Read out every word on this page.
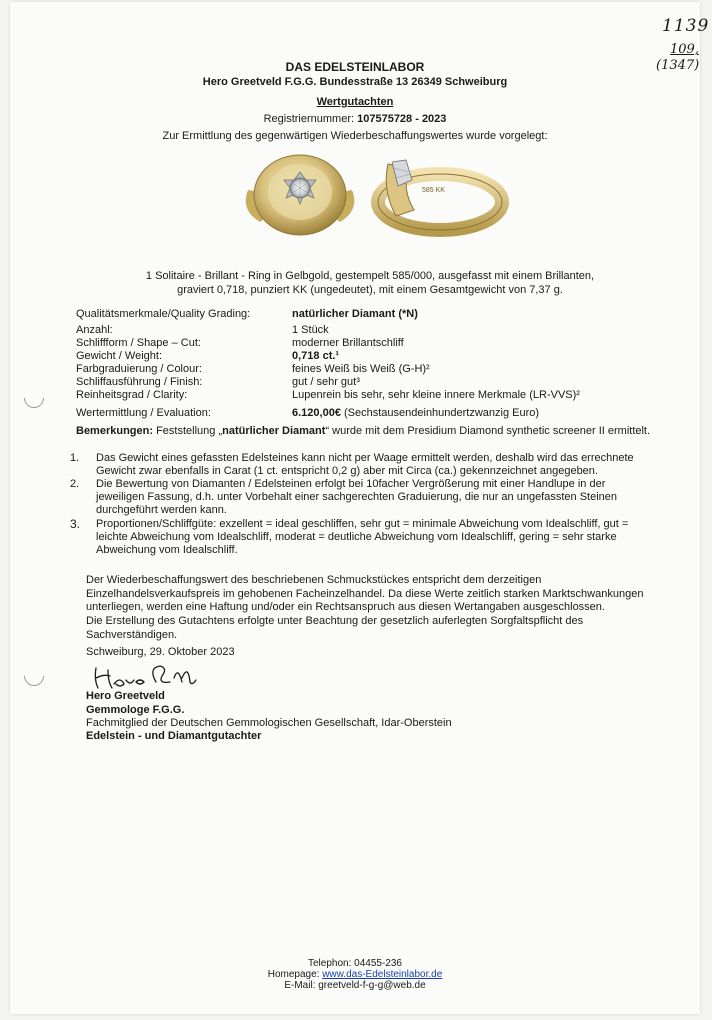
1139
109,
(1347)
DAS EDELSTEINLABOR
Hero Greetveld F.G.G. Bundesstraße 13 26349 Schweiburg
Wertgutachten
Registriernummer: 107575728 - 2023
Zur Ermittlung des gegenwärtigen Wiederbeschaffungswertes wurde vorgelegt:
585 KK
1 Solitaire - Brillant - Ring in Gelbgold, gestempelt 585/000, ausgefasst mit einem Brillanten,
graviert 0,718, punziert KK (ungedeutet), mit einem Gesamtgewicht von 7,37 g.
Qualitätsmerkmale/Quality Grading:	natürlicher Diamant (*N)
Anzahl:	1 Stück
Schliffform / Shape – Cut:	moderner Brillantschliff
Gewicht / Weight:	0,718 ct.¹
Farbgraduierung / Colour:	feines Weiß bis Weiß (G-H)²
Schliffausführung / Finish:	gut / sehr gut³
Reinheitsgrad / Clarity:	Lupenrein bis sehr, sehr kleine innere Merkmale (LR-VVS)²
Wertermittlung / Evaluation:	6.120,00€ (Sechstausendeinhundertzwanzig Euro)
Bemerkungen: Feststellung „natürlicher Diamant“ wurde mit dem Presidium Diamond synthetic screener II ermittelt.
1. Das Gewicht eines gefassten Edelsteines kann nicht per Waage ermittelt werden, deshalb wird das errechnete
Gewicht zwar ebenfalls in Carat (1 ct. entspricht 0,2 g) aber mit Circa (ca.) gekennzeichnet angegeben.
2. Die Bewertung von Diamanten / Edelsteinen erfolgt bei 10facher Vergrößerung mit einer Handlupe in der
jeweiligen Fassung, d.h. unter Vorbehalt einer sachgerechten Graduierung, die nur an ungefassten Steinen
durchgeführt werden kann.
3. Proportionen/Schliffgüte: exzellent = ideal geschliffen, sehr gut = minimale Abweichung vom Idealschliff, gut =
leichte Abweichung vom Idealschliff, moderat = deutliche Abweichung vom Idealschliff, gering = sehr starke
Abweichung vom Idealschliff.
Der Wiederbeschaffungswert des beschriebenen Schmuckstückes entspricht dem derzeitigen
Einzelhandelsverkaufspreis im gehobenen Facheinzelhandel. Da diese Werte zeitlich starken Marktschwankungen
unterliegen, werden eine Haftung und/oder ein Rechtsanspruch aus diesen Wertangaben ausgeschlossen.
Die Erstellung des Gutachtens erfolgte unter Beachtung der gesetzlich auferlegten Sorgfaltspflicht des
Sachverständigen.
Schweiburg, 29. Oktober 2023
Hero Greetveld
Gemmologe F.G.G.
Fachmitglied der Deutschen Gemmologischen Gesellschaft, Idar-Oberstein
Edelstein - und Diamantgutachter
Telephon: 04455-236
Homepage: www.das-Edelsteinlabor.de
E-Mail: greetveld-f-g-g@web.de
